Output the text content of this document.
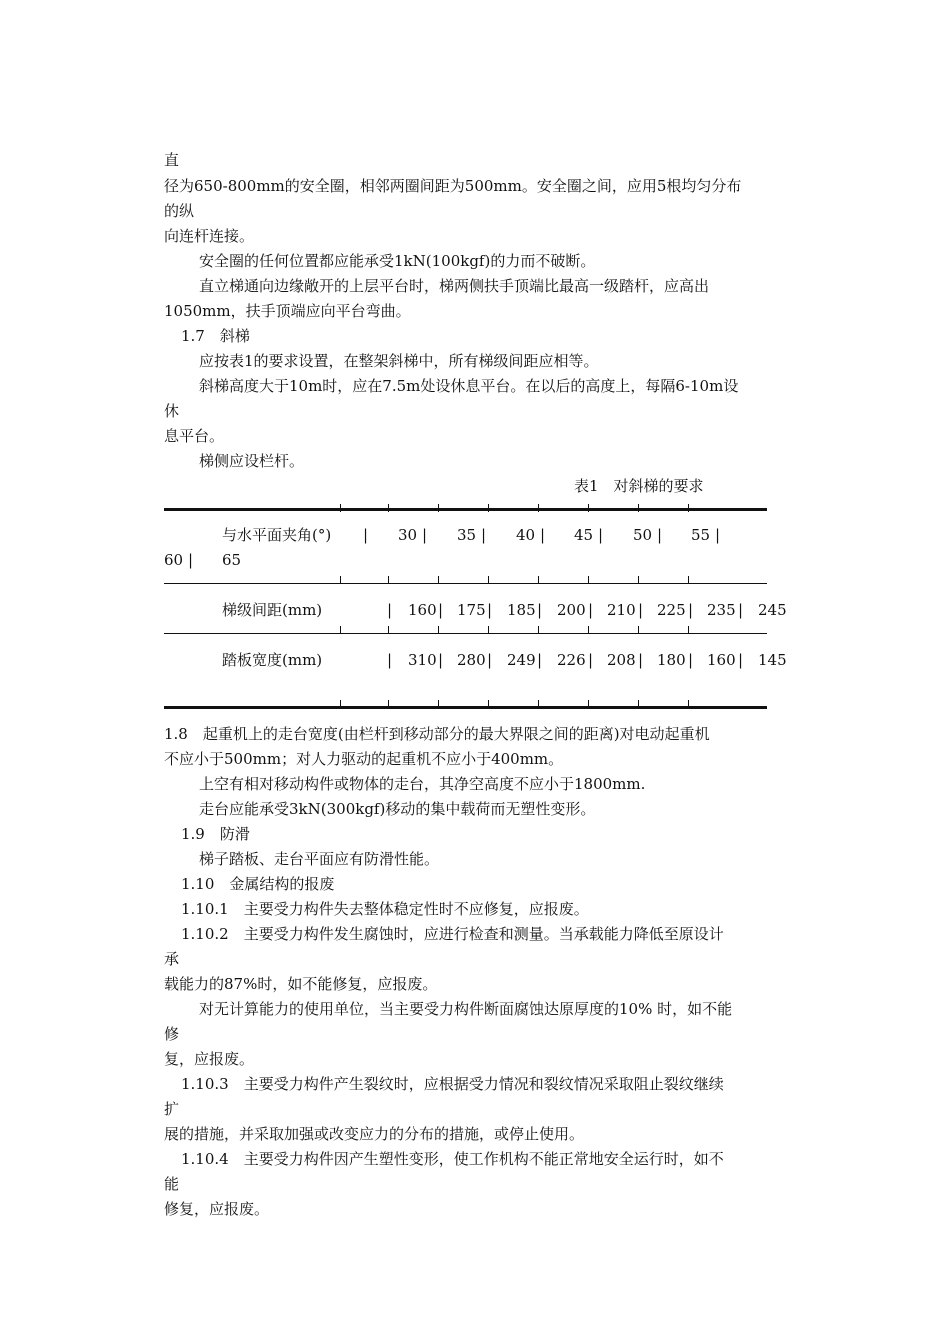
直
径为650-800mm的安全圈，相邻两圈间距为500mm。安全圈之间，应用5根均匀分布
的纵
向连杆连接。
安全圈的任何位置都应能承受1kN(100kgf)的力而不破断。
直立梯通向边缘敞开的上层平台时，梯两侧扶手顶端比最高一级踏杆，应高出
1050mm，扶手顶端应向平台弯曲。
1.7　斜梯
应按表1的要求设置，在整架斜梯中，所有梯级间距应相等。
斜梯高度大于10m时，应在7.5m处设休息平台。在以后的高度上，每隔6-10m设
休
息平台。
梯侧应设栏杆。
表1　对斜梯的要求
与水平面夹角(°) | 30 | 35 | 40 | 45 | 50 | 55 |
60 | 65
梯级间距(mm)	| 160 | 175 | 185 | 200 | 210 | 225 | 235 | 245
踏板宽度(mm)	| 310 | 280 | 249 | 226 | 208 | 180 | 160 | 145
1.8　起重机上的走台宽度(由栏杆到移动部分的最大界限之间的距离)对电动起重机
不应小于500mm；对人力驱动的起重机不应小于400mm。
上空有相对移动构件或物体的走台，其净空高度不应小于1800mm.
走台应能承受3kN(300kgf)移动的集中载荷而无塑性变形。
1.9　防滑
梯子踏板、走台平面应有防滑性能。
1.10　金属结构的报废
1.10.1　主要受力构件失去整体稳定性时不应修复，应报废。
1.10.2　主要受力构件发生腐蚀时，应进行检查和测量。当承载能力降低至原设计
承
载能力的87%时，如不能修复，应报废。
对无计算能力的使用单位，当主要受力构件断面腐蚀达原厚度的10% 时，如不能
修
复，应报废。
1.10.3　主要受力构件产生裂纹时，应根据受力情况和裂纹情况采取阻止裂纹继续
扩
展的措施，并采取加强或改变应力的分布的措施，或停止使用。
1.10.4　主要受力构件因产生塑性变形，使工作机构不能正常地安全运行时，如不
能
修复，应报废。
